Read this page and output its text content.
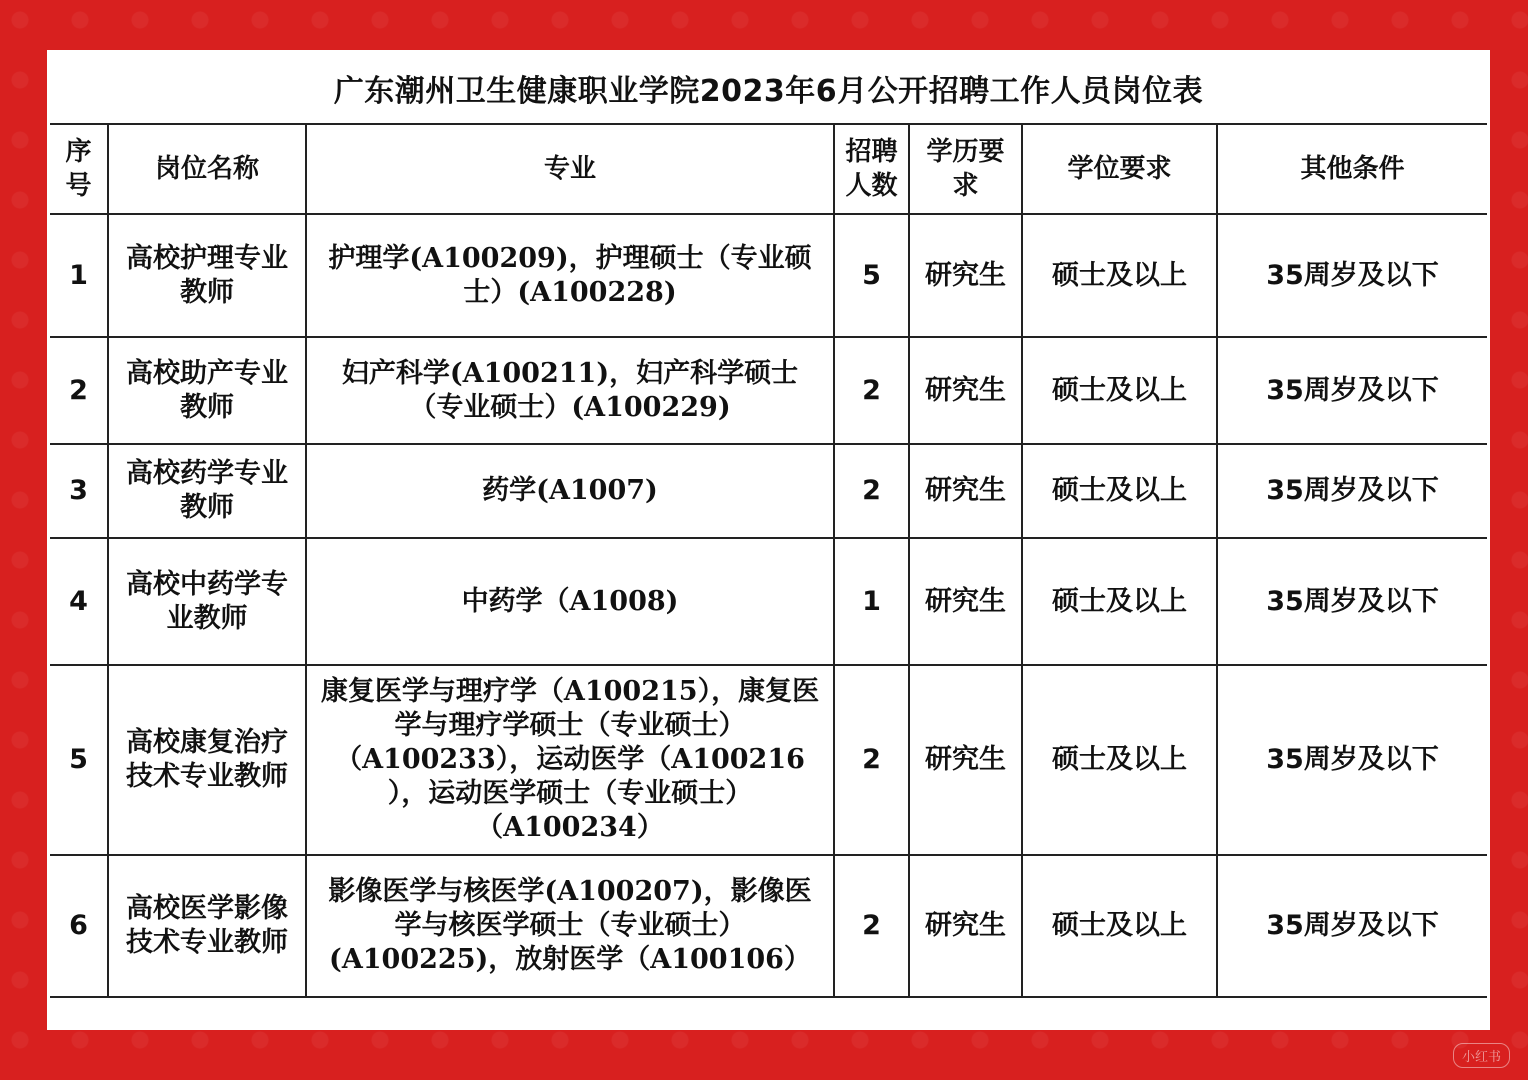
广东潮州卫生健康职业学院2023年6月公开招聘工作人员岗位表
序号	岗位名称	专业	招聘人数	学历要求	学位要求	其他条件
1	高校护理专业教师	护理学(A100209)，护理硕士（专业硕士）(A100228)	5	研究生	硕士及以上	35周岁及以下
2	高校助产专业教师	妇产科学(A100211)，妇产科学硕士（专业硕士）(A100229)	2	研究生	硕士及以上	35周岁及以下
3	高校药学专业教师	药学(A1007)	2	研究生	硕士及以上	35周岁及以下
4	高校中药学专业教师	中药学（A1008)	1	研究生	硕士及以上	35周岁及以下
5	高校康复治疗技术专业教师	康复医学与理疗学（A100215），康复医学与理疗学硕士（专业硕士）（A100233），运动医学（A100216 ），运动医学硕士（专业硕士）（A100234）	2	研究生	硕士及以上	35周岁及以下
6	高校医学影像技术专业教师	影像医学与核医学(A100207)，影像医学与核医学硕士（专业硕士）(A100225)，放射医学（A100106）	2	研究生	硕士及以上	35周岁及以下
小红书
